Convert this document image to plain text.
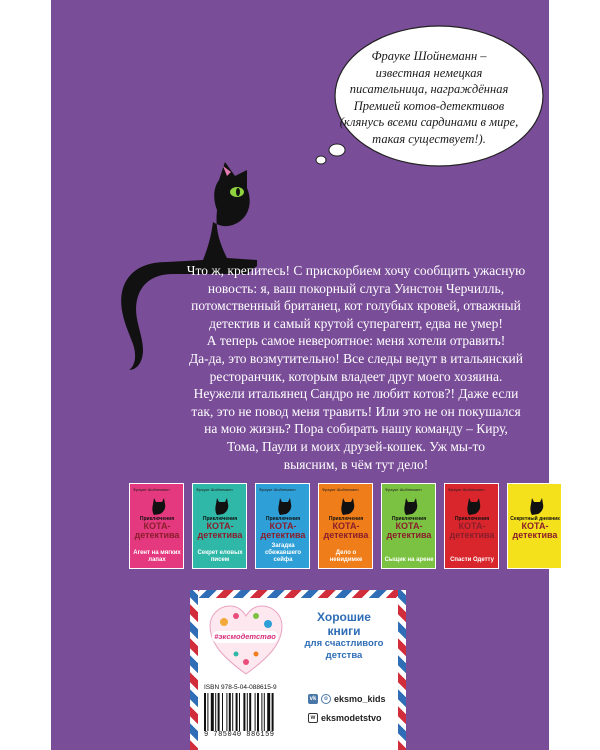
Фрауке Шойнеманн –
известная немецкая
писательница, награждённая
Премией котов-детективов
(клянусь всеми сардинами в мире,
такая существует!).
Что ж, крепитесь! С прискорбием хочу сообщить ужасную
новость: я, ваш покорный слуга Уинстон Черчилль,
потомственный британец, кот голубых кровей, отважный
детектив и самый крутой суперагент, едва не умер!
А теперь самое невероятное: меня хотели отравить!
Да-да, это возмутительно! Все следы ведут в итальянский
ресторанчик, которым владеет друг моего хозяина.
Неужели итальянец Сандро не любит котов?! Даже если
так, это не повод меня травить! Или это не он покушался
на мою жизнь? Пора собирать нашу команду – Киру,
Тома, Паули и моих друзей-кошек. Уж мы-то
выясним, в чём тут дело!
Фрауке Шойнеманн
Приключения
КОТА-
детектива
Агент на мягких лапах
Фрауке Шойнеманн
Приключения
КОТА-
детектива
Секрет еловых писем
Фрауке Шойнеманн
Приключения
КОТА-
детектива
Загадка сбежавшего сейфа
Фрауке Шойнеманн
Приключения
КОТА-
детектива
Дело о невидимке
Фрауке Шойнеманн
Приключения
КОТА-
детектива
Сыщик на арене
Фрауке Шойнеманн
Приключения
КОТА-
детектива
Спасти Одетту
Секретный дневник
КОТА-
детектива
#эксмодетство
Хорошие
книги
для счастливого
детства
ISBN 978-5-04-088615-9
9 785040 886159
vk	o eksmo_kids
w eksmodetstvo
